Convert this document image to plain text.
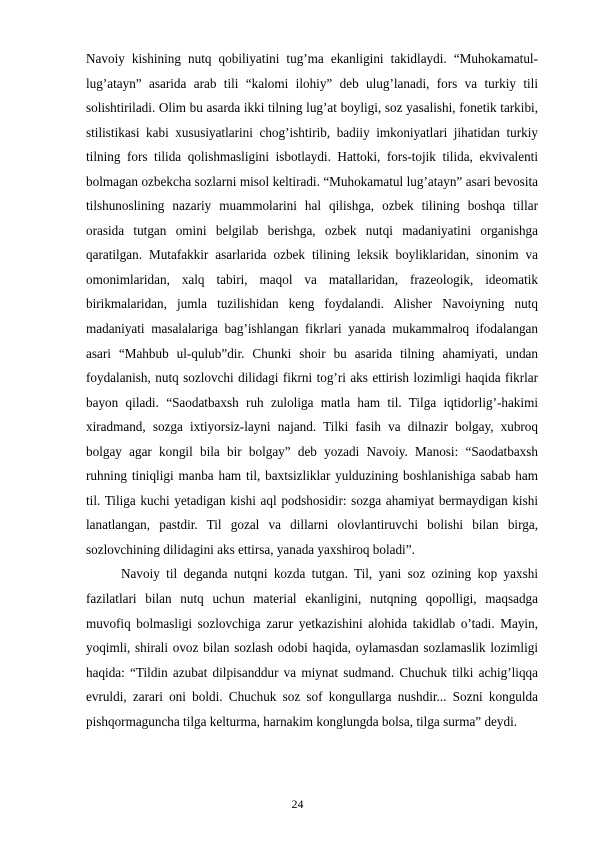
Navoiy kishining nutq qobiliyatini tug’ma ekanligini takidlaydi. “Muhokamatul-lug’atayn” asarida arab tili “kalomi ilohiy” deb ulug’lanadi, fors va turkiy tili solishtiriladi. Olim bu asarda ikki tilning lug’at boyligi, soz yasalishi, fonetik tarkibi, stilistikasi kabi xususiyatlarini chog’ishtirib, badiiy imkoniyatlari jihatidan turkiy tilning fors tilida qolishmasligini isbotlaydi. Hattoki, fors-tojik tilida, ekvivalenti bolmagan ozbekcha sozlarni misol keltiradi. “Muhokamatul lug’atayn” asari bevosita tilshunoslining nazariy muammolarini hal qilishga, ozbek tilining boshqa tillar orasida tutgan omini belgilab berishga, ozbek nutqi madaniyatini organishga qaratilgan. Mutafakkir asarlarida ozbek tilining leksik boyliklaridan, sinonim va omonimlaridan, xalq tabiri, maqol va matallaridan, frazeologik, ideomatik birikmalaridan, jumla tuzilishidan keng foydalandi. Alisher Navoiyning nutq madaniyati masalalariga bag’ishlangan fikrlari yanada mukammalroq ifodalangan asari “Mahbub ul-qulub”dir. Chunki shoir bu asarida tilning ahamiyati, undan foydalanish, nutq sozlovchi dilidagi fikrni tog’ri aks ettirish lozimligi haqida fikrlar bayon qiladi. “Saodatbaxsh ruh zuloliga matla ham til. Tilga iqtidorlig’-hakimi xiradmand, sozga ixtiyorsiz-layni najand. Tilki fasih va dilnazir bolgay, xubroq bolgay agar kongil bila bir bolgay” deb yozadi Navoiy. Manosi: “Saodatbaxsh ruhning tiniqligi manba ham til, baxtsizliklar yulduzining boshlanishiga sabab ham til. Tiliga kuchi yetadigan kishi aql podshosidir: sozga ahamiyat bermaydigan kishi lanatlangan, pastdir. Til gozal va dillarni olovlantiruvchi bolishi bilan birga, sozlovchining dilidagini aks ettirsa, yanada yaxshiroq boladi”.

Navoiy til deganda nutqni kozda tutgan. Til, yani soz ozining kop yaxshi fazilatlari bilan nutq uchun material ekanligini, nutqning qopolligi, maqsadga muvofiq bolmasligi sozlovchiga zarur yetkazishini alohida takidlab o’tadi. Mayin, yoqimli, shirali ovoz bilan sozlash odobi haqida, oylamasdan sozlamaslik lozimligi haqida: “Tildin azubat dilpisanddur va miynat sudmand. Chuchuk tilki achig’liqqa evruldi, zarari oni boldi. Chuchuk soz sof kongullarga nushdir... Sozni kongulda pishqormaguncha tilga kelturma, harnakim konglungda bolsa, tilga surma” deydi.

24
